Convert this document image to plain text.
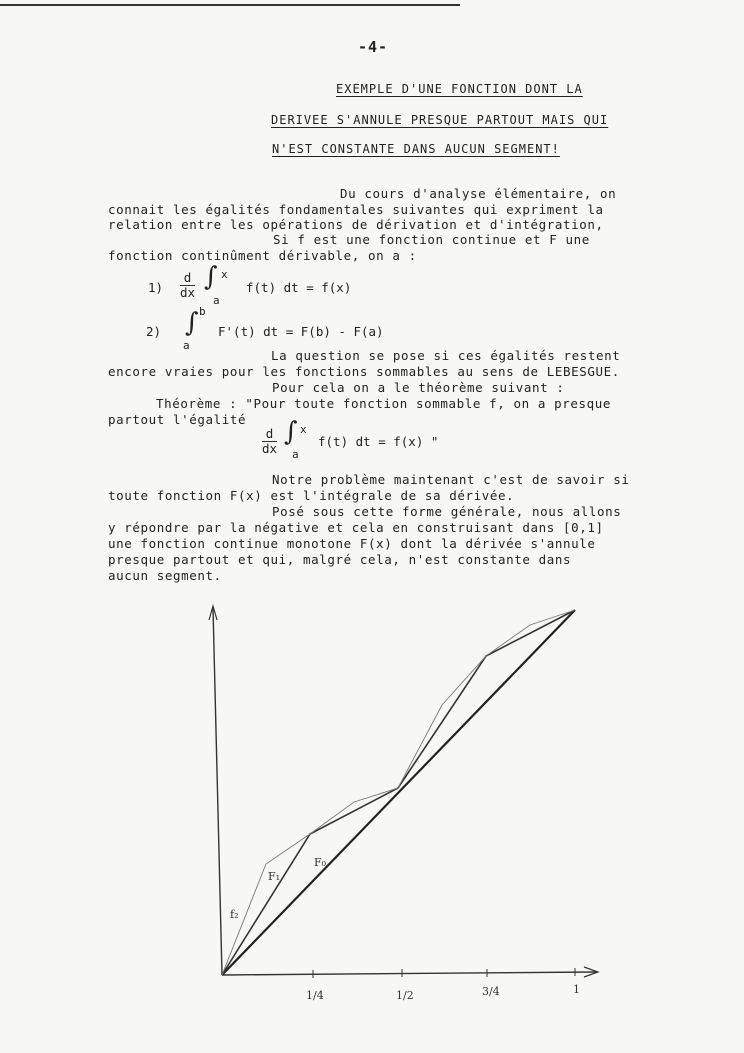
-4-
EXEMPLE D'UNE FONCTION DONT LA
DERIVEE S'ANNULE PRESQUE PARTOUT MAIS QUI
N'EST CONSTANTE DANS AUCUN SEGMENT!
Du cours d'analyse élémentaire, on
connait les égalités fondamentales suivantes qui expriment la
relation entre les opérations de dérivation et d'intégration,
Si f est une fonction continue et F une
fonction continûment dérivable, on a :
$1) \frac{d}{dx}$ ∫ x
a
f(t) dt = f(x)
2) ∫ b
a
F'(t) dt = F(b) - F(a)
La question se pose si ces égalités restent
encore vraies pour les fonctions sommables au sens de LEBESGUE.
Pour cela on a le théorème suivant :
Théorème : "Pour toute fonction sommable f, on a presque
partout l'égalité
$\frac{d}{dx}$ ∫ x
a
f(t) dt = f(x) "
Notre problème maintenant c'est de savoir si
toute fonction F(x) est l'intégrale de sa dérivée.
Posé sous cette forme générale, nous allons
y répondre par la négative et cela en construisant dans [0,1]
une fonction continue monotone F(x) dont la dérivée s'annule
presque partout et qui, malgré cela, n'est constante dans
aucun segment.
1/4	1/2	3/4	1
F₀
F₁
f₂
